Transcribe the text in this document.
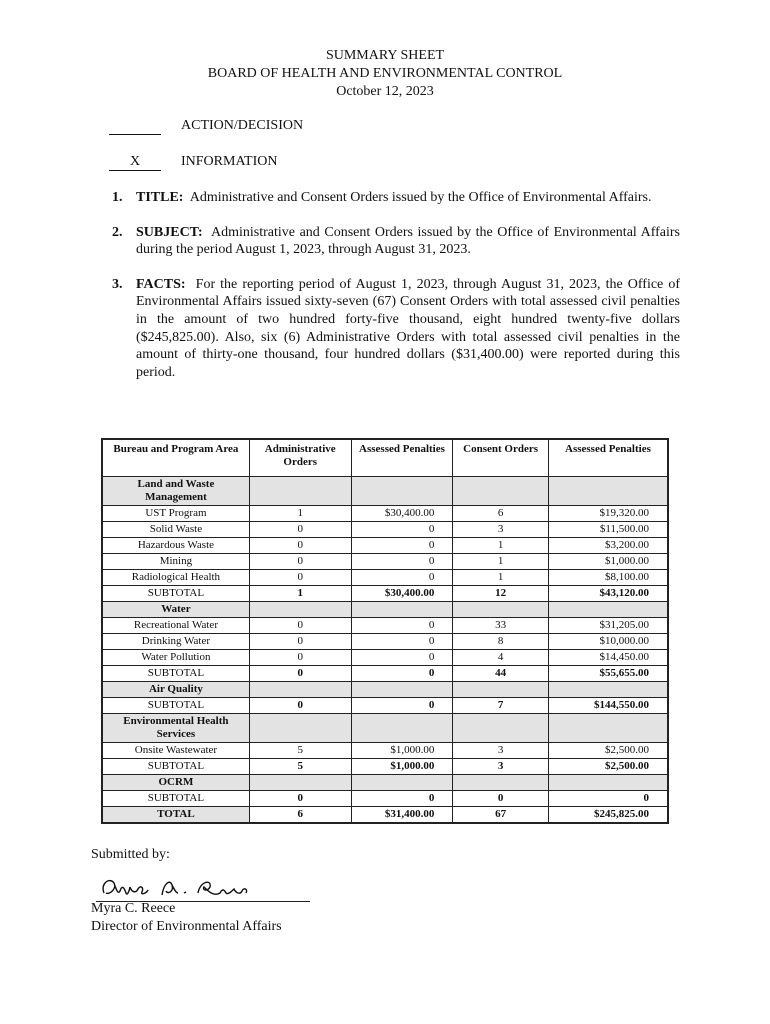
SUMMARY SHEET
BOARD OF HEALTH AND ENVIRONMENTAL CONTROL
October 12, 2023
ACTION/DECISION
X	INFORMATION
1. TITLE: Administrative and Consent Orders issued by the Office of Environmental Affairs.
2. SUBJECT: Administrative and Consent Orders issued by the Office of Environmental Affairs during the period August 1, 2023, through August 31, 2023.
3. FACTS: For the reporting period of August 1, 2023, through August 31, 2023, the Office of Environmental Affairs issued sixty-seven (67) Consent Orders with total assessed civil penalties in the amount of two hundred forty-five thousand, eight hundred twenty-five dollars ($245,825.00). Also, six (6) Administrative Orders with total assessed civil penalties in the amount of thirty-one thousand, four hundred dollars ($31,400.00) were reported during this period.
Bureau and Program Area	Administrative Orders	Assessed Penalties	Consent Orders	Assessed Penalties
Land and Waste Management				
UST Program	1	$30,400.00	6	$19,320.00
Solid Waste	0	0	3	$11,500.00
Hazardous Waste	0	0	1	$3,200.00
Mining	0	0	1	$1,000.00
Radiological Health	0	0	1	$8,100.00
SUBTOTAL	1	$30,400.00	12	$43,120.00
Water				
Recreational Water	0	0	33	$31,205.00
Drinking Water	0	0	8	$10,000.00
Water Pollution	0	0	4	$14,450.00
SUBTOTAL	0	0	44	$55,655.00
Air Quality				
SUBTOTAL	0	0	7	$144,550.00
Environmental Health Services				
Onsite Wastewater	5	$1,000.00	3	$2,500.00
SUBTOTAL	5	$1,000.00	3	$2,500.00
OCRM				
SUBTOTAL	0	0	0	0
TOTAL	6	$31,400.00	67	$245,825.00
Submitted by:
Myra C. Reece
Director of Environmental Affairs
